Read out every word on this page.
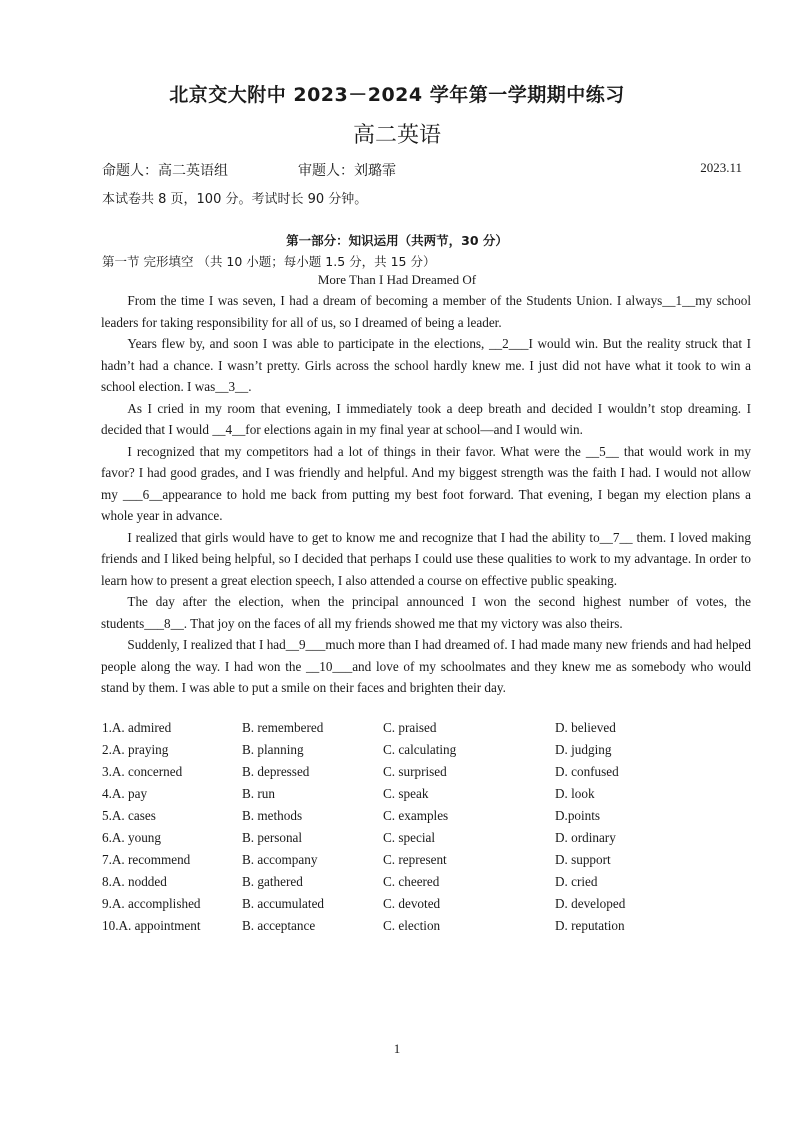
北京交大附中 2023－2024 学年第一学期期中练习
高二英语
命题人：高二英语组	审题人：刘璐霏	2023.11
本试卷共 8 页，100 分。考试时长 90 分钟。
第一部分：知识运用（共两节，30 分）
第一节 完形填空 （共 10 小题；每小题 1.5 分，共 15 分）
More Than I Had Dreamed Of

From the time I was seven, I had a dream of becoming a member of the Students Union. I always__1__my school leaders for taking responsibility for all of us, so I dreamed of being a leader.

Years flew by, and soon I was able to participate in the elections, __2___I would win. But the reality struck that I hadn’t had a chance. I wasn’t pretty. Girls across the school hardly knew me. I just did not have what it took to win a school election. I was__3__.

As I cried in my room that evening, I immediately took a deep breath and decided I wouldn’t stop dreaming. I decided that I would __4__for elections again in my final year at school—and I would win.

I recognized that my competitors had a lot of things in their favor. What were the __5__ that would work in my favor? I had good grades, and I was friendly and helpful. And my biggest strength was the faith I had. I would not allow my ___6__appearance to hold me back from putting my best foot forward. That evening, I began my election plans a whole year in advance.

I realized that girls would have to get to know me and recognize that I had the ability to__7__ them. I loved making friends and I liked being helpful, so I decided that perhaps I could use these qualities to work to my advantage. In order to learn how to present a great election speech, I also attended a course on effective public speaking.

The day after the election, when the principal announced I won the second highest number of votes, the students___8__. That joy on the faces of all my friends showed me that my victory was also theirs.

Suddenly, I realized that I had__9___much more than I had dreamed of. I had made many new friends and had helped people along the way. I had won the __10___and love of my schoolmates and they knew me as somebody who would stand by them. I was able to put a smile on their faces and brighten their day.

1.A. admired	B. remembered	C. praised	D. believed
2.A. praying	B. planning	C. calculating	D. judging
3.A. concerned	B. depressed	C. surprised	D. confused
4.A. pay	B. run	C. speak	D. look
5.A. cases	B. methods	C. examples	D.points
6.A. young	B. personal	C. special	D. ordinary
7.A. recommend	B. accompany	C. represent	D. support
8.A. nodded	B. gathered	C. cheered	D. cried
9.A. accomplished	B. accumulated	C. devoted	D. developed
10.A. appointment	B. acceptance	C. election	D. reputation
1
